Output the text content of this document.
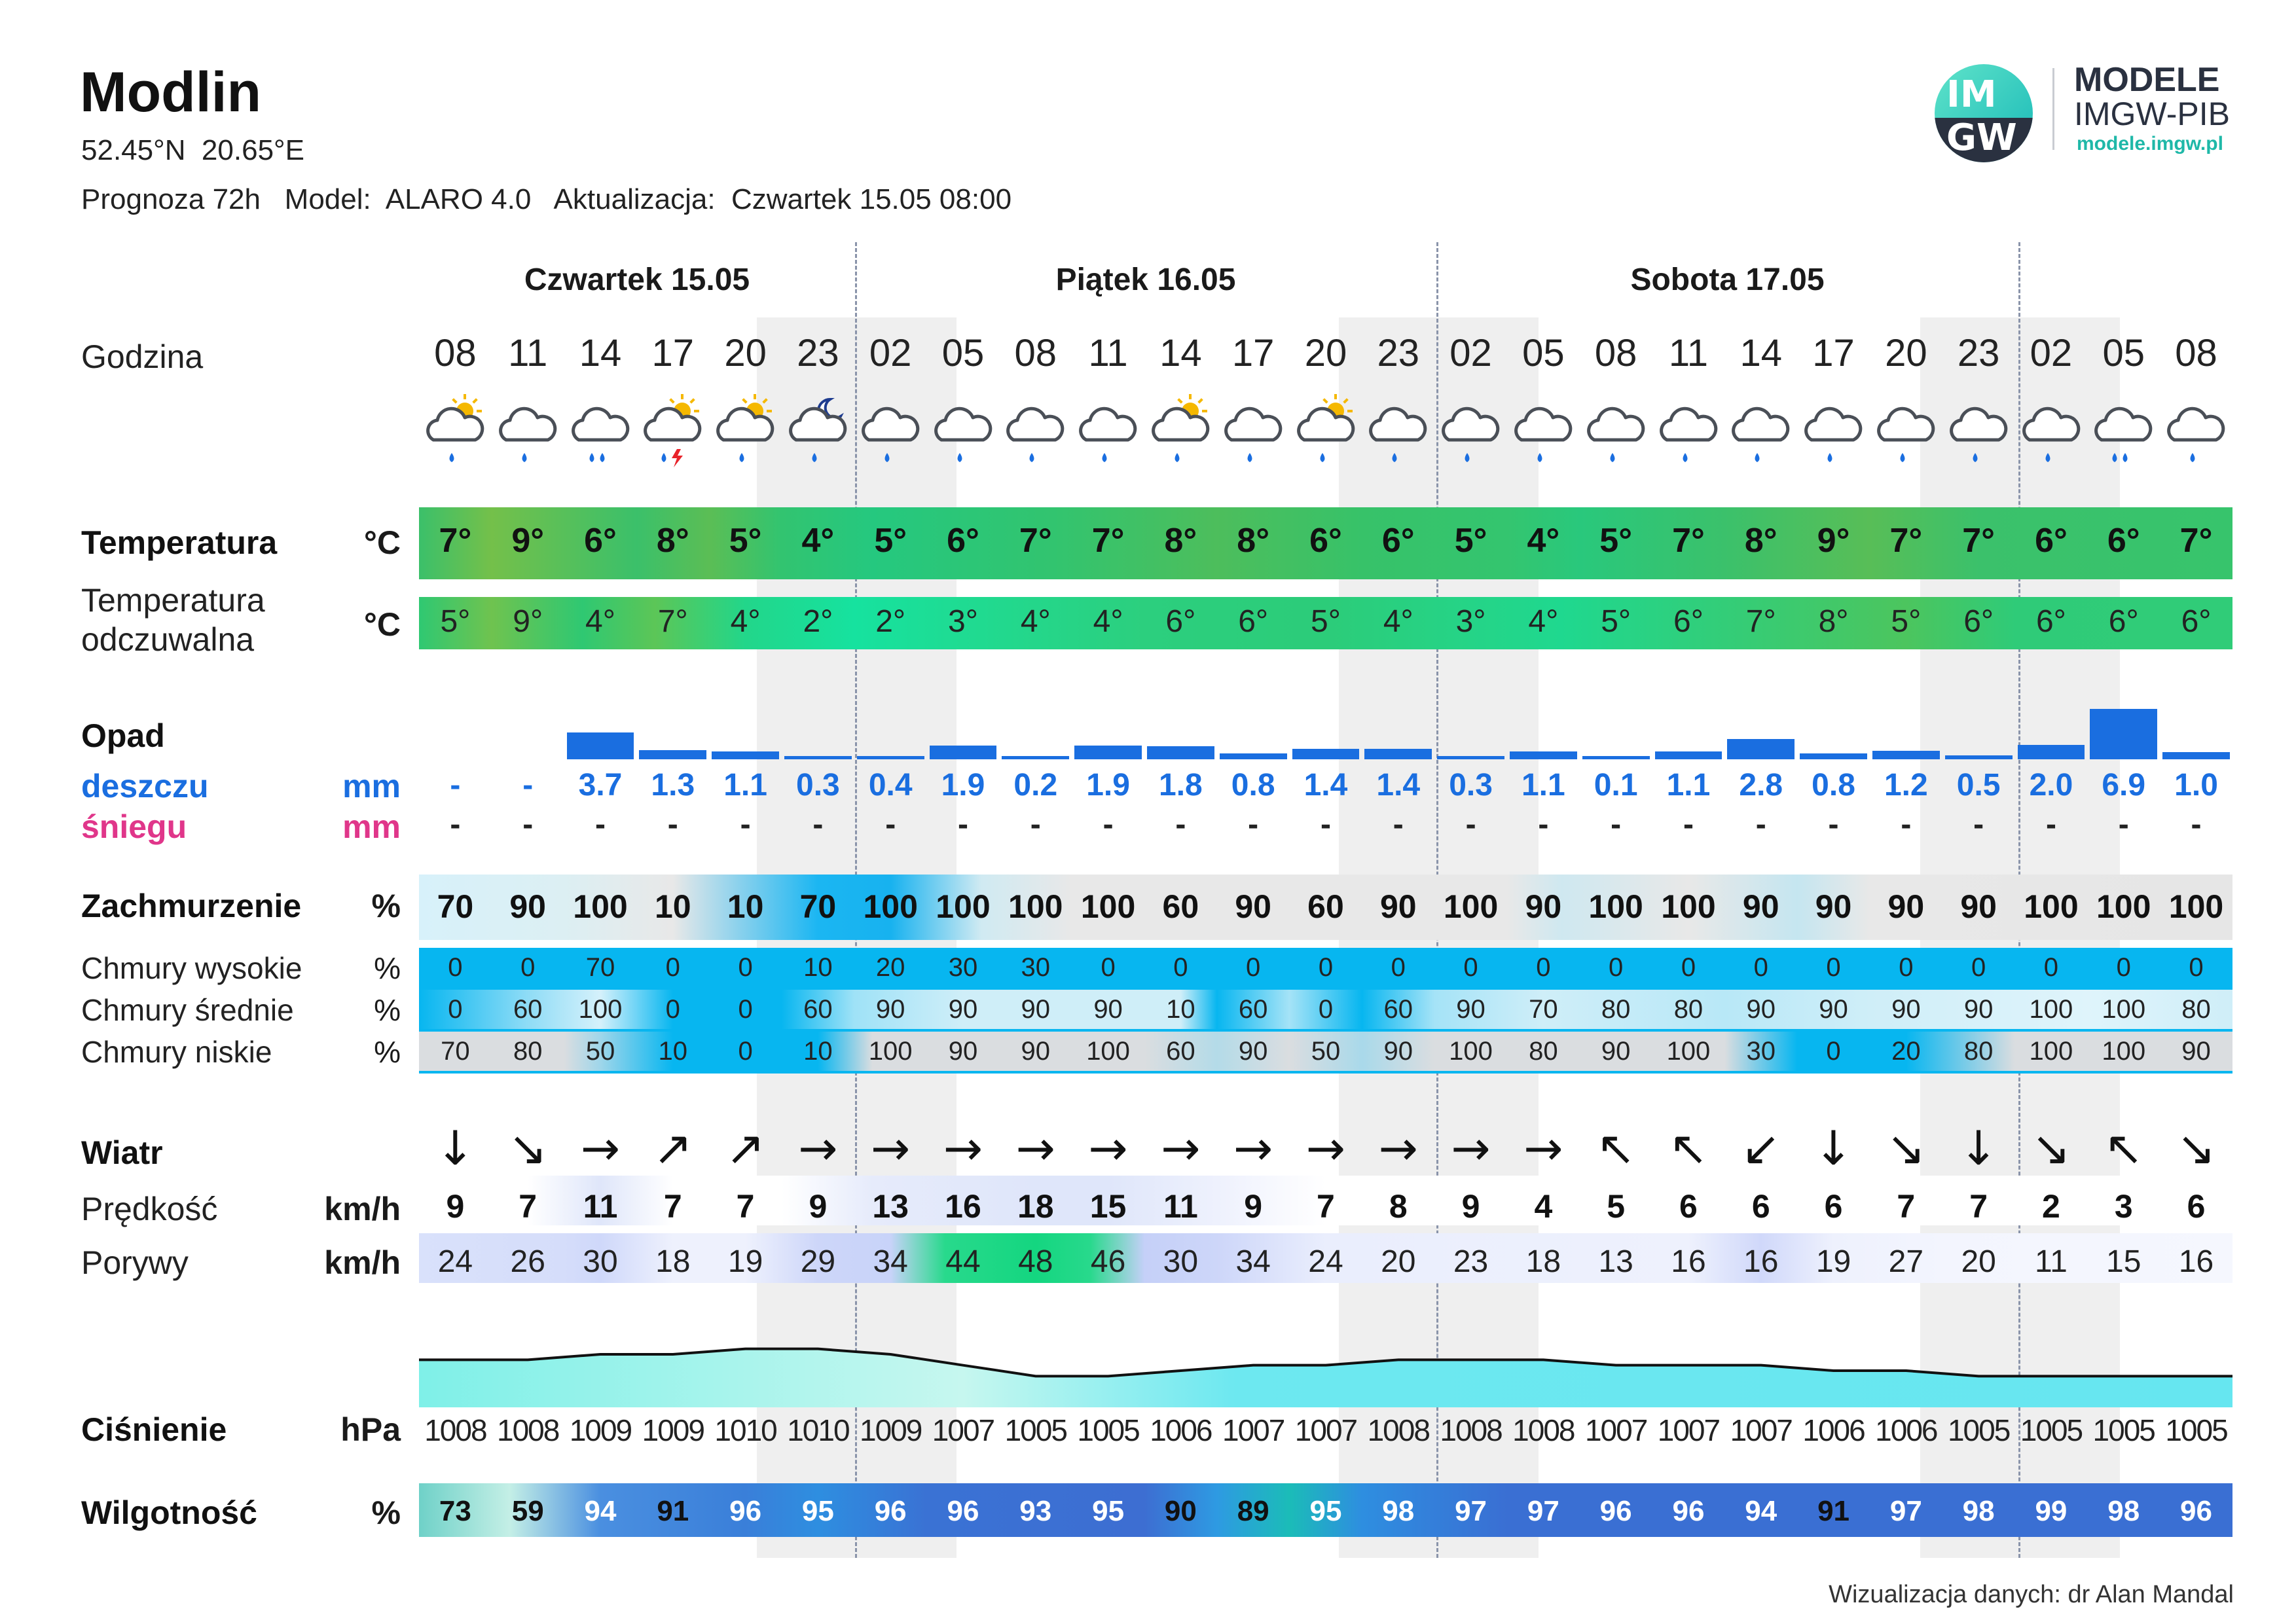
Modlin
52.45°N  20.65°E
Prognoza 72h   Model:  ALARO 4.0   Aktualizacja:  Czwartek 15.05 08:00
IM
GW
MODELE
IMGW-PIB
modele.imgw.pl
Czwartek 15.05	Piątek 16.05	Sobota 17.05
Godzina	08 11 14 17 20 23 02 05 08 11 14 17 20 23 02 05 08 11 14 17 20 23 02 05 08
Temperatura	°C	7°	9°	6°	8°	5°	4°	5°	6°	7°	7°	8°	8°	6°	6°	5°	4°	5°	7°	8°	9°	7°	7°	6°	6°	7°
Temperatura
odczuwalna	°C	5°	9°	4°	7°	4°	2°	2°	3°	4°	4°	6°	6°	5°	4°	3°	4°	5°	6°	7°	8°	5°	6°	6°	6°	6°
Opad
deszczu	mm	-	-	3.7 1.3 1.1 0.3 0.4 1.9 0.2 1.9 1.8 0.8 1.4 1.4 0.3 1.1 0.1 1.1 2.8 0.8 1.2 0.5 2.0 6.9 1.0
śniegu	mm	-	-	-	-	-	-	-	-	-	-	-	-	-	-	-	-	-	-	-	-	-	-	-	-	-
Zachmurzenie	%	70	90 100 10	10	70 100 100 100 100 60	90	60	90 100 90 100 100 90	90	90	90 100 100 100
Chmury wysokie	%	0	0	70	0	0	10	20	30	30	0	0	0	0	0	0	0	0	0	0	0	0	0	0	0	0
Chmury średnie	%	0	60	100	0	0	60	90	90	90	90	10	60	0	60	90	70	80	80	90	90	90	90	100	100	80
Chmury niskie	%	70	80	50	10	0	10	100	90	90	100	60	90	50	90	100	80	90	100	30	0	20	80	100	100	90
Wiatr	↓ ↘ → ↗ ↗ → → → → → → → → → → → ↖ ↖ ↙ ↓ ↘ ↓ ↘ ↖ ↘
Prędkość	km/h	9	7	11	7	7	9	13	16	18	15	11	9	7	8	9	4	5	6	6	6	7	7	2	3	6
Porywy	km/h	24	26	30	18	19	29	34	44	48	46	30	34	24	20	23	18	13	16	16	19	27	20	11	15	16
Ciśnienie	hPa 1008 1008 1009 1009 1010 1010 1009 1007 1005 1005 1006 1007 1007 1008 1008 1008 1007 1007 1007 1006 1006 1005 1005 1005 1005
Wilgotność	%	73	59	94	91	96	95	96	96	93	95	90	89	95	98	97	97	96	96	94	91	97	98	99	98	96
Wizualizacja danych: dr Alan Mandal
